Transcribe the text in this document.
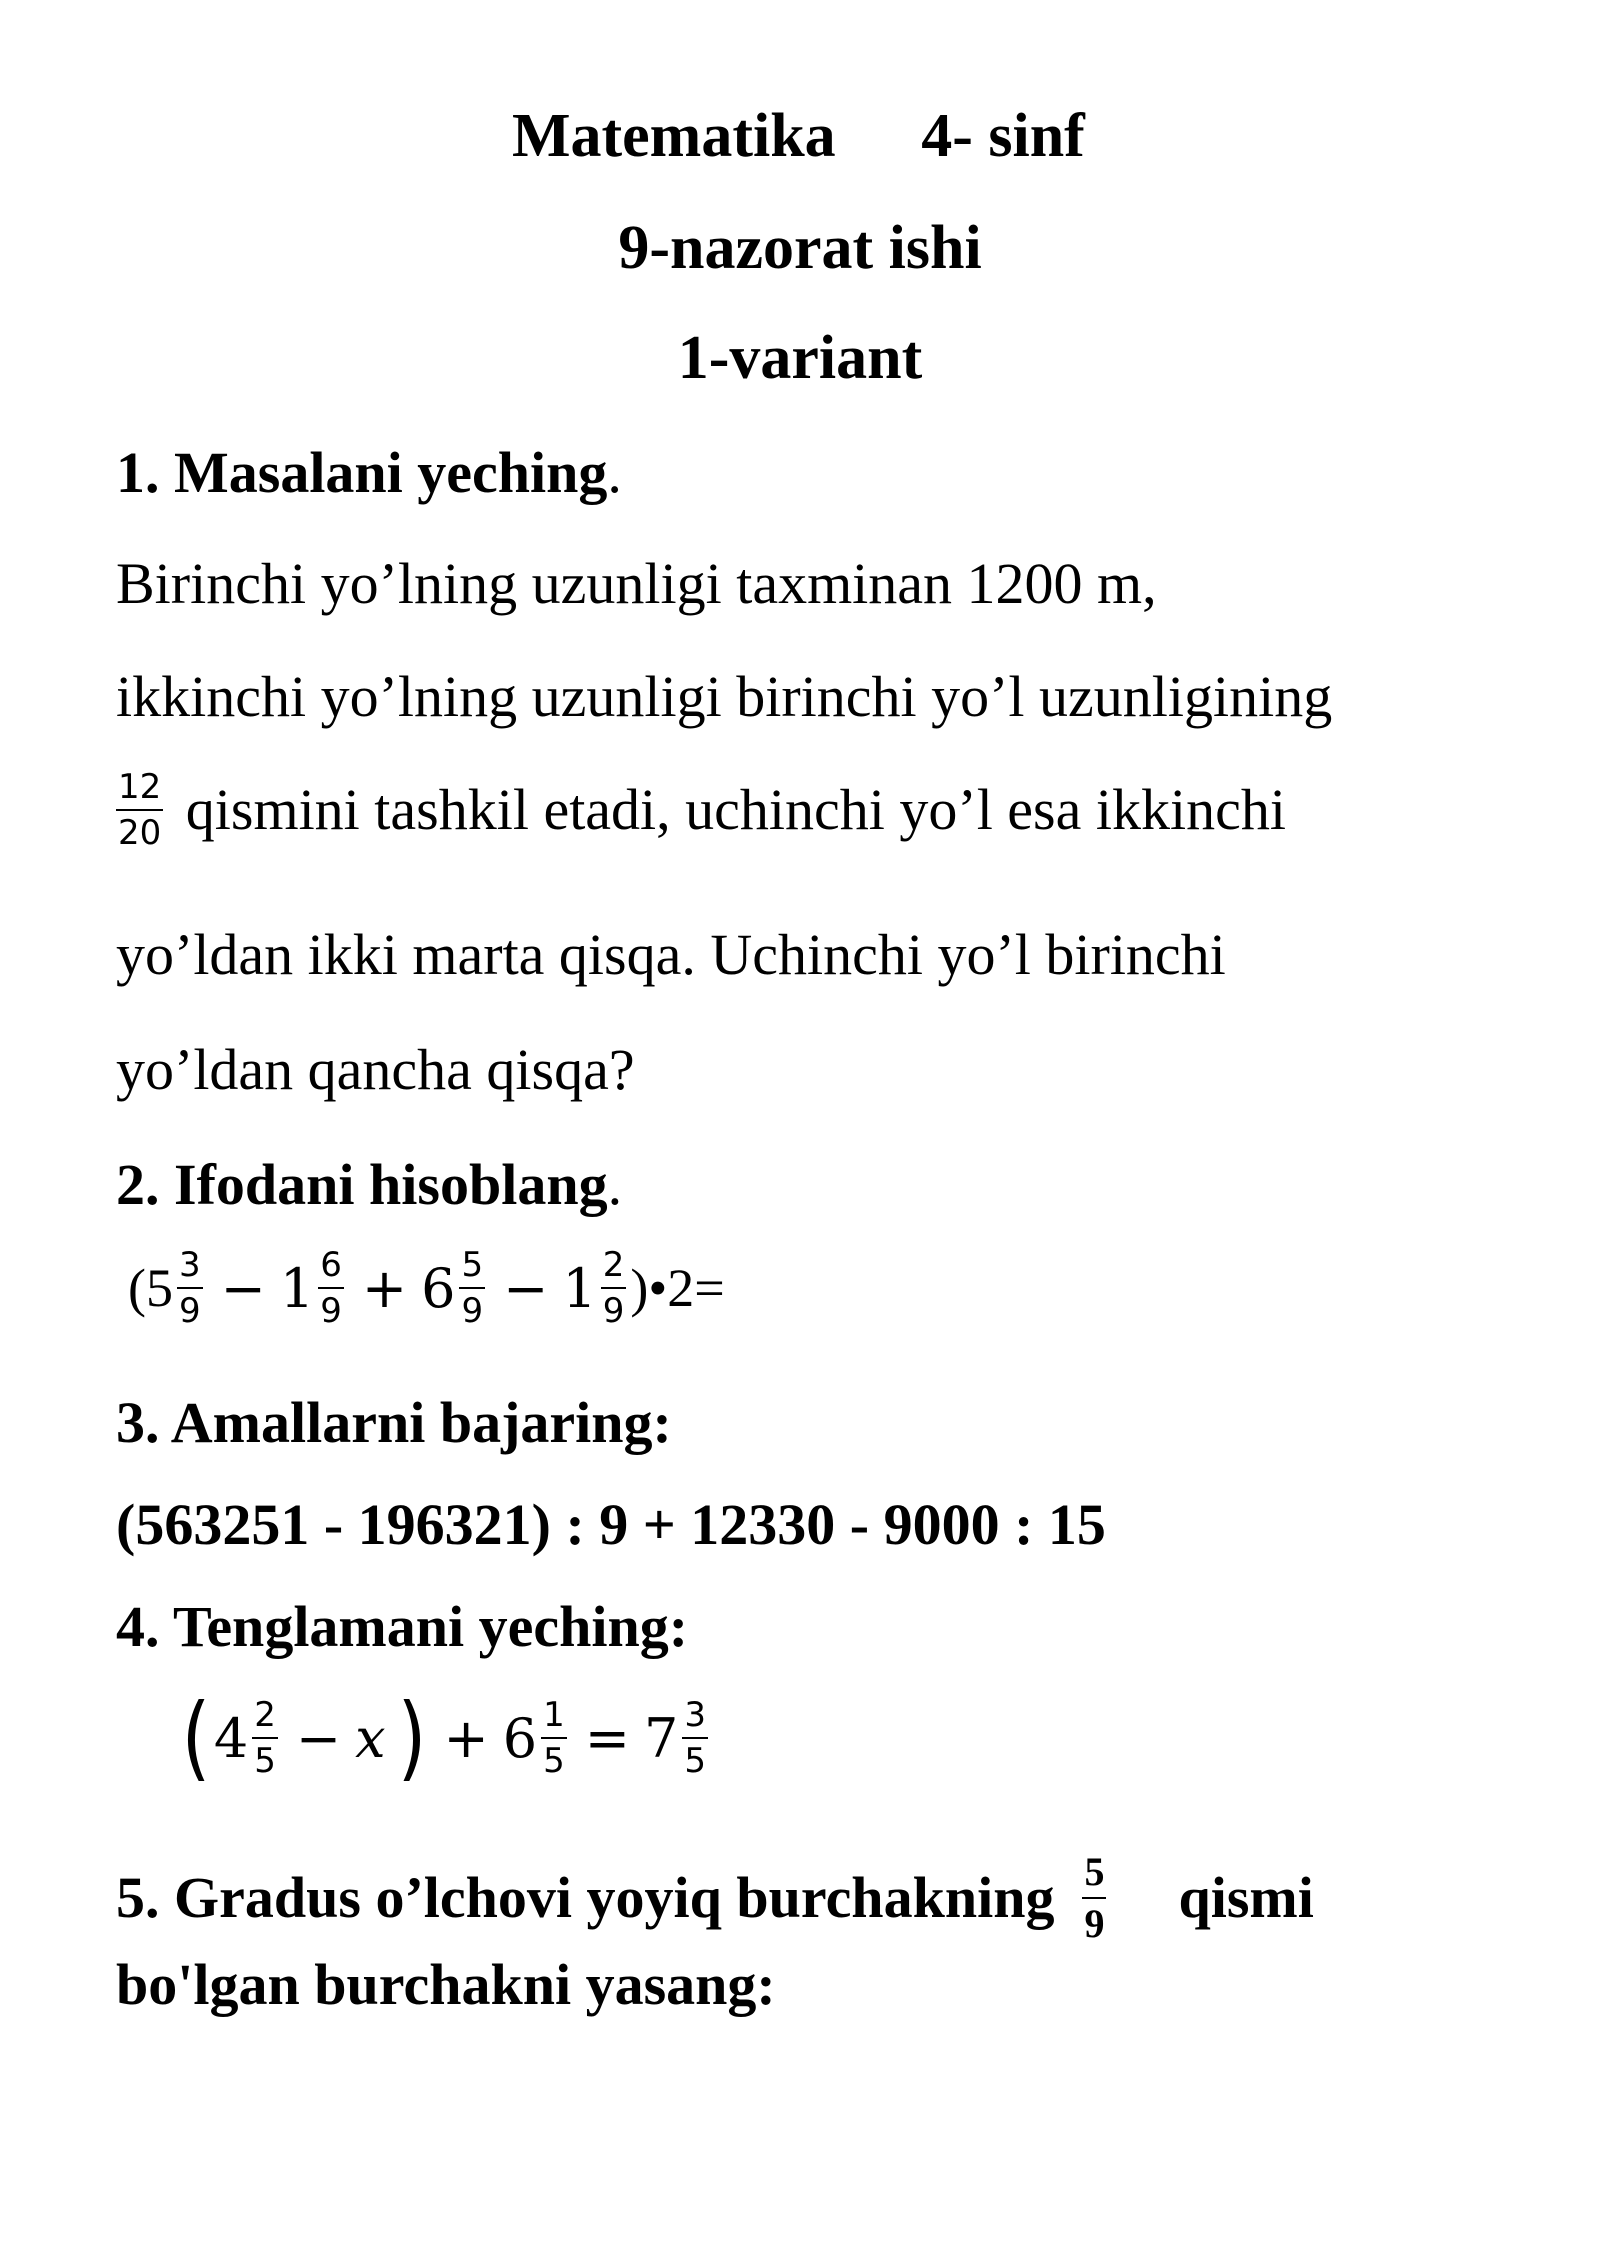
Matematika 4- sinf
9-nazorat ishi
1-variant
1. Masalani yeching.
Birinchi yo’lning uzunligi taxminan 1200 m,
ikkinchi yo’lning uzunligi birinchi yo’l uzunligining
$\frac{12}{20}$ qismini tashkil etadi, uchinchi yo’l esa ikkinchi
yo’ldan ikki marta qisqa. Uchinchi yo’l birinchi
yo’ldan qancha qisqa?
2. Ifodani hisoblang.
($5 \frac{3}{9} - 1 \frac{6}{9} + 6 \frac{5}{9} - 1 \frac{2}{9}$ )•2=
3. Amallarni bajaring:
(563251 - 196321) : 9 + 12330 - 9000 : 15
4. Tenglamani yeching:
( $4 \frac{2}{5} - x$ ) + $6 \frac{1}{5} = 7 \frac{3}{5}$
5. Gradus o’lchovi yoyiq burchakning $\frac{5}{9}$ qismi
bo'lgan burchakni yasang:
